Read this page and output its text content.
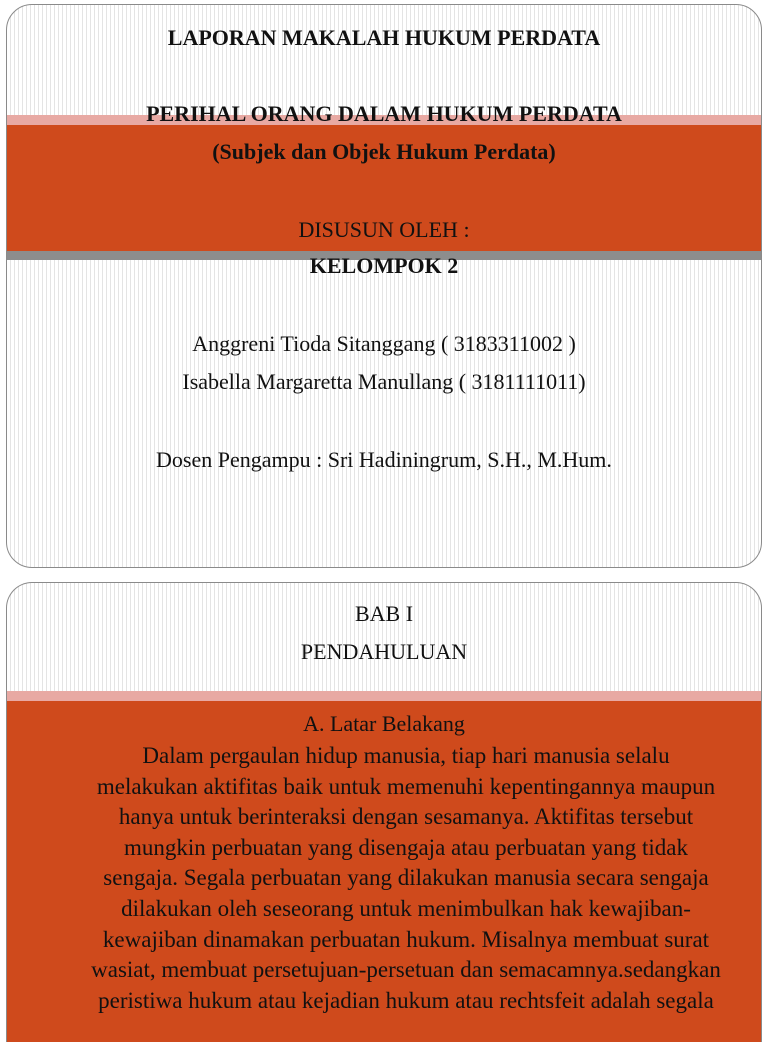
LAPORAN MAKALAH HUKUM PERDATA
PERIHAL ORANG DALAM HUKUM PERDATA
(Subjek dan Objek Hukum Perdata)
DISUSUN OLEH :
KELOMPOK 2
Anggreni Tioda Sitanggang ( 3183311002 )
Isabella Margaretta Manullang ( 3181111011)
Dosen Pengampu : Sri Hadiningrum, S.H., M.Hum.
BAB I
PENDAHULUAN
A. Latar Belakang
Dalam pergaulan hidup manusia, tiap hari manusia selalu
melakukan aktifitas baik untuk memenuhi kepentingannya maupun
hanya untuk berinteraksi dengan sesamanya. Aktifitas tersebut
mungkin perbuatan yang disengaja atau perbuatan yang tidak
sengaja. Segala perbuatan yang dilakukan manusia secara sengaja
dilakukan oleh seseorang untuk menimbulkan hak kewajiban-
kewajiban dinamakan perbuatan hukum. Misalnya membuat surat
wasiat, membuat persetujuan-persetuan dan semacamnya.sedangkan
peristiwa hukum atau kejadian hukum atau rechtsfeit adalah segala
